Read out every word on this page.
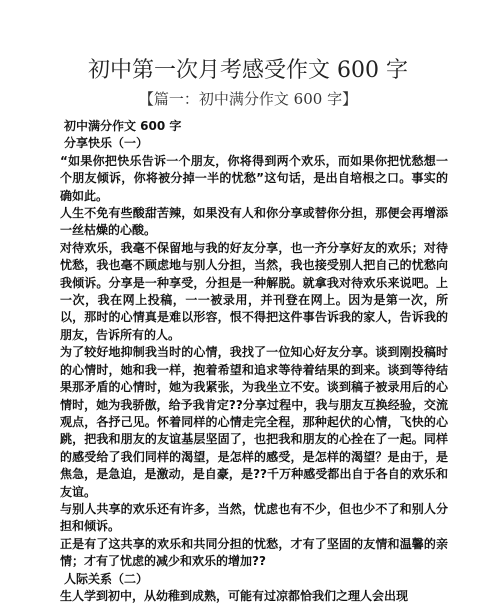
初中第一次月考感受作文 600 字
【篇一：初中满分作文 600 字】

初中满分作文 600 字

分享快乐（一）

“如果你把快乐告诉一个朋友，你将得到两个欢乐，而如果你把忧愁想一个朋友倾诉，你将被分掉一半的忧愁”这句话，是出自培根之口。事实的确如此。

人生不免有些酸甜苦辣，如果没有人和你分享或替你分担，那便会再增添一丝枯燥的心酸。

对待欢乐，我毫不保留地与我的好友分享，也一齐分享好友的欢乐；对待忧愁，我也毫不顾虑地与别人分担，当然，我也接受别人把自己的忧愁向我倾诉。分享是一种享受，分担是一种解脱。就拿我对待欢乐来说吧。上一次，我在网上投稿，一一被录用，并刊登在网上。因为是第一次，所以，那时的心情真是难以形容，恨不得把这件事告诉我的家人，告诉我的朋友，告诉所有的人。

为了较好地抑制我当时的心情，我找了一位知心好友分享。谈到刚投稿时的心情时，她和我一样，抱着希望和追求等待着结果的到来。谈到等待结果那矛盾的心情时，她为我紧张，为我坐立不安。谈到稿子被录用后的心情时，她为我骄傲，给予我肯定??分享过程中，我与朋友互换经验，交流观点，各抒己见。怀着同样的心情走完全程，那种起伏的心情，飞快的心跳，把我和朋友的友谊基层坚固了，也把我和朋友的心拴在了一起。同样的感受给了我们同样的渴望，是怎样的感受，是怎样的渴望？是由于，是焦急，是急迫，是激动，是自豪，是??千万种感受都出自于各自的欢乐和友谊。

与别人共享的欢乐还有许多，当然，忧虑也有不少，但也少不了和别人分担和倾诉。

正是有了这共享的欢乐和共同分担的忧愁，才有了坚固的友情和温馨的亲情；才有了忧虑的减少和欢乐的增加??

人际关系（二）

生人学到初中，从幼稚到成熟，可能有过凉都恰我们之理人会出现
